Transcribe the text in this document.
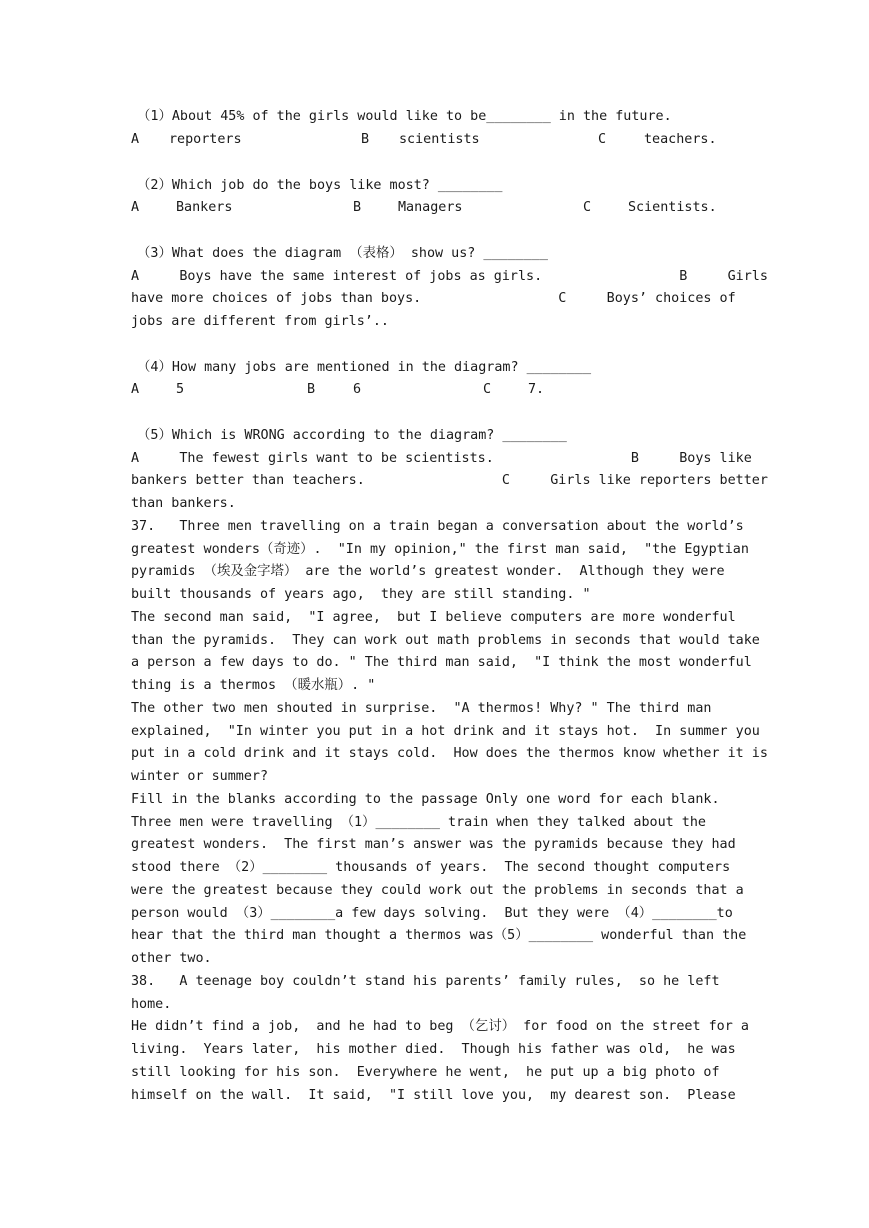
（1）About 45% of the girls would like to be________ in the future.
A reporters	B scientists	C	teachers.
（2）Which job do the boys like most? ________
A	Bankers	B	Managers	C	Scientists.
（3）What does the diagram （表格） show us? ________
A     Boys have the same interest of jobs as girls.                 B     Girls
have more choices of jobs than boys.                 C     Boys’ choices of
jobs are different from girls’..
（4）How many jobs are mentioned in the diagram? ________
A	5	B	6	C	7.
（5）Which is WRONG according to the diagram? ________
A     The fewest girls want to be scientists.                 B     Boys like
bankers better than teachers.                 C     Girls like reporters better
than bankers.
37.   Three men travelling on a train began a conversation about the world’s
greatest wonders（奇迹）.  "In my opinion," the first man said,  "the Egyptian
pyramids （埃及金字塔） are the world’s greatest wonder.  Although they were
built thousands of years ago,  they are still standing. "
The second man said,  "I agree,  but I believe computers are more wonderful
than the pyramids.  They can work out math problems in seconds that would take
a person a few days to do. " The third man said,  "I think the most wonderful
thing is a thermos （暖水瓶）. "
The other two men shouted in surprise.  "A thermos! Why? " The third man
explained,  "In winter you put in a hot drink and it stays hot.  In summer you
put in a cold drink and it stays cold.  How does the thermos know whether it is
winter or summer?
Fill in the blanks according to the passage Only one word for each blank.
Three men were travelling （1）________ train when they talked about the
greatest wonders.  The first man’s answer was the pyramids because they had
stood there （2）________ thousands of years.  The second thought computers
were the greatest because they could work out the problems in seconds that a
person would （3）________a few days solving.  But they were （4）________to
hear that the third man thought a thermos was（5）________ wonderful than the
other two.
38.   A teenage boy couldn’t stand his parents’ family rules,  so he left
home.
He didn’t find a job,  and he had to beg （乞讨） for food on the street for a
living.  Years later,  his mother died.  Though his father was old,  he was
still looking for his son.  Everywhere he went,  he put up a big photo of
himself on the wall.  It said,  "I still love you,  my dearest son.  Please
